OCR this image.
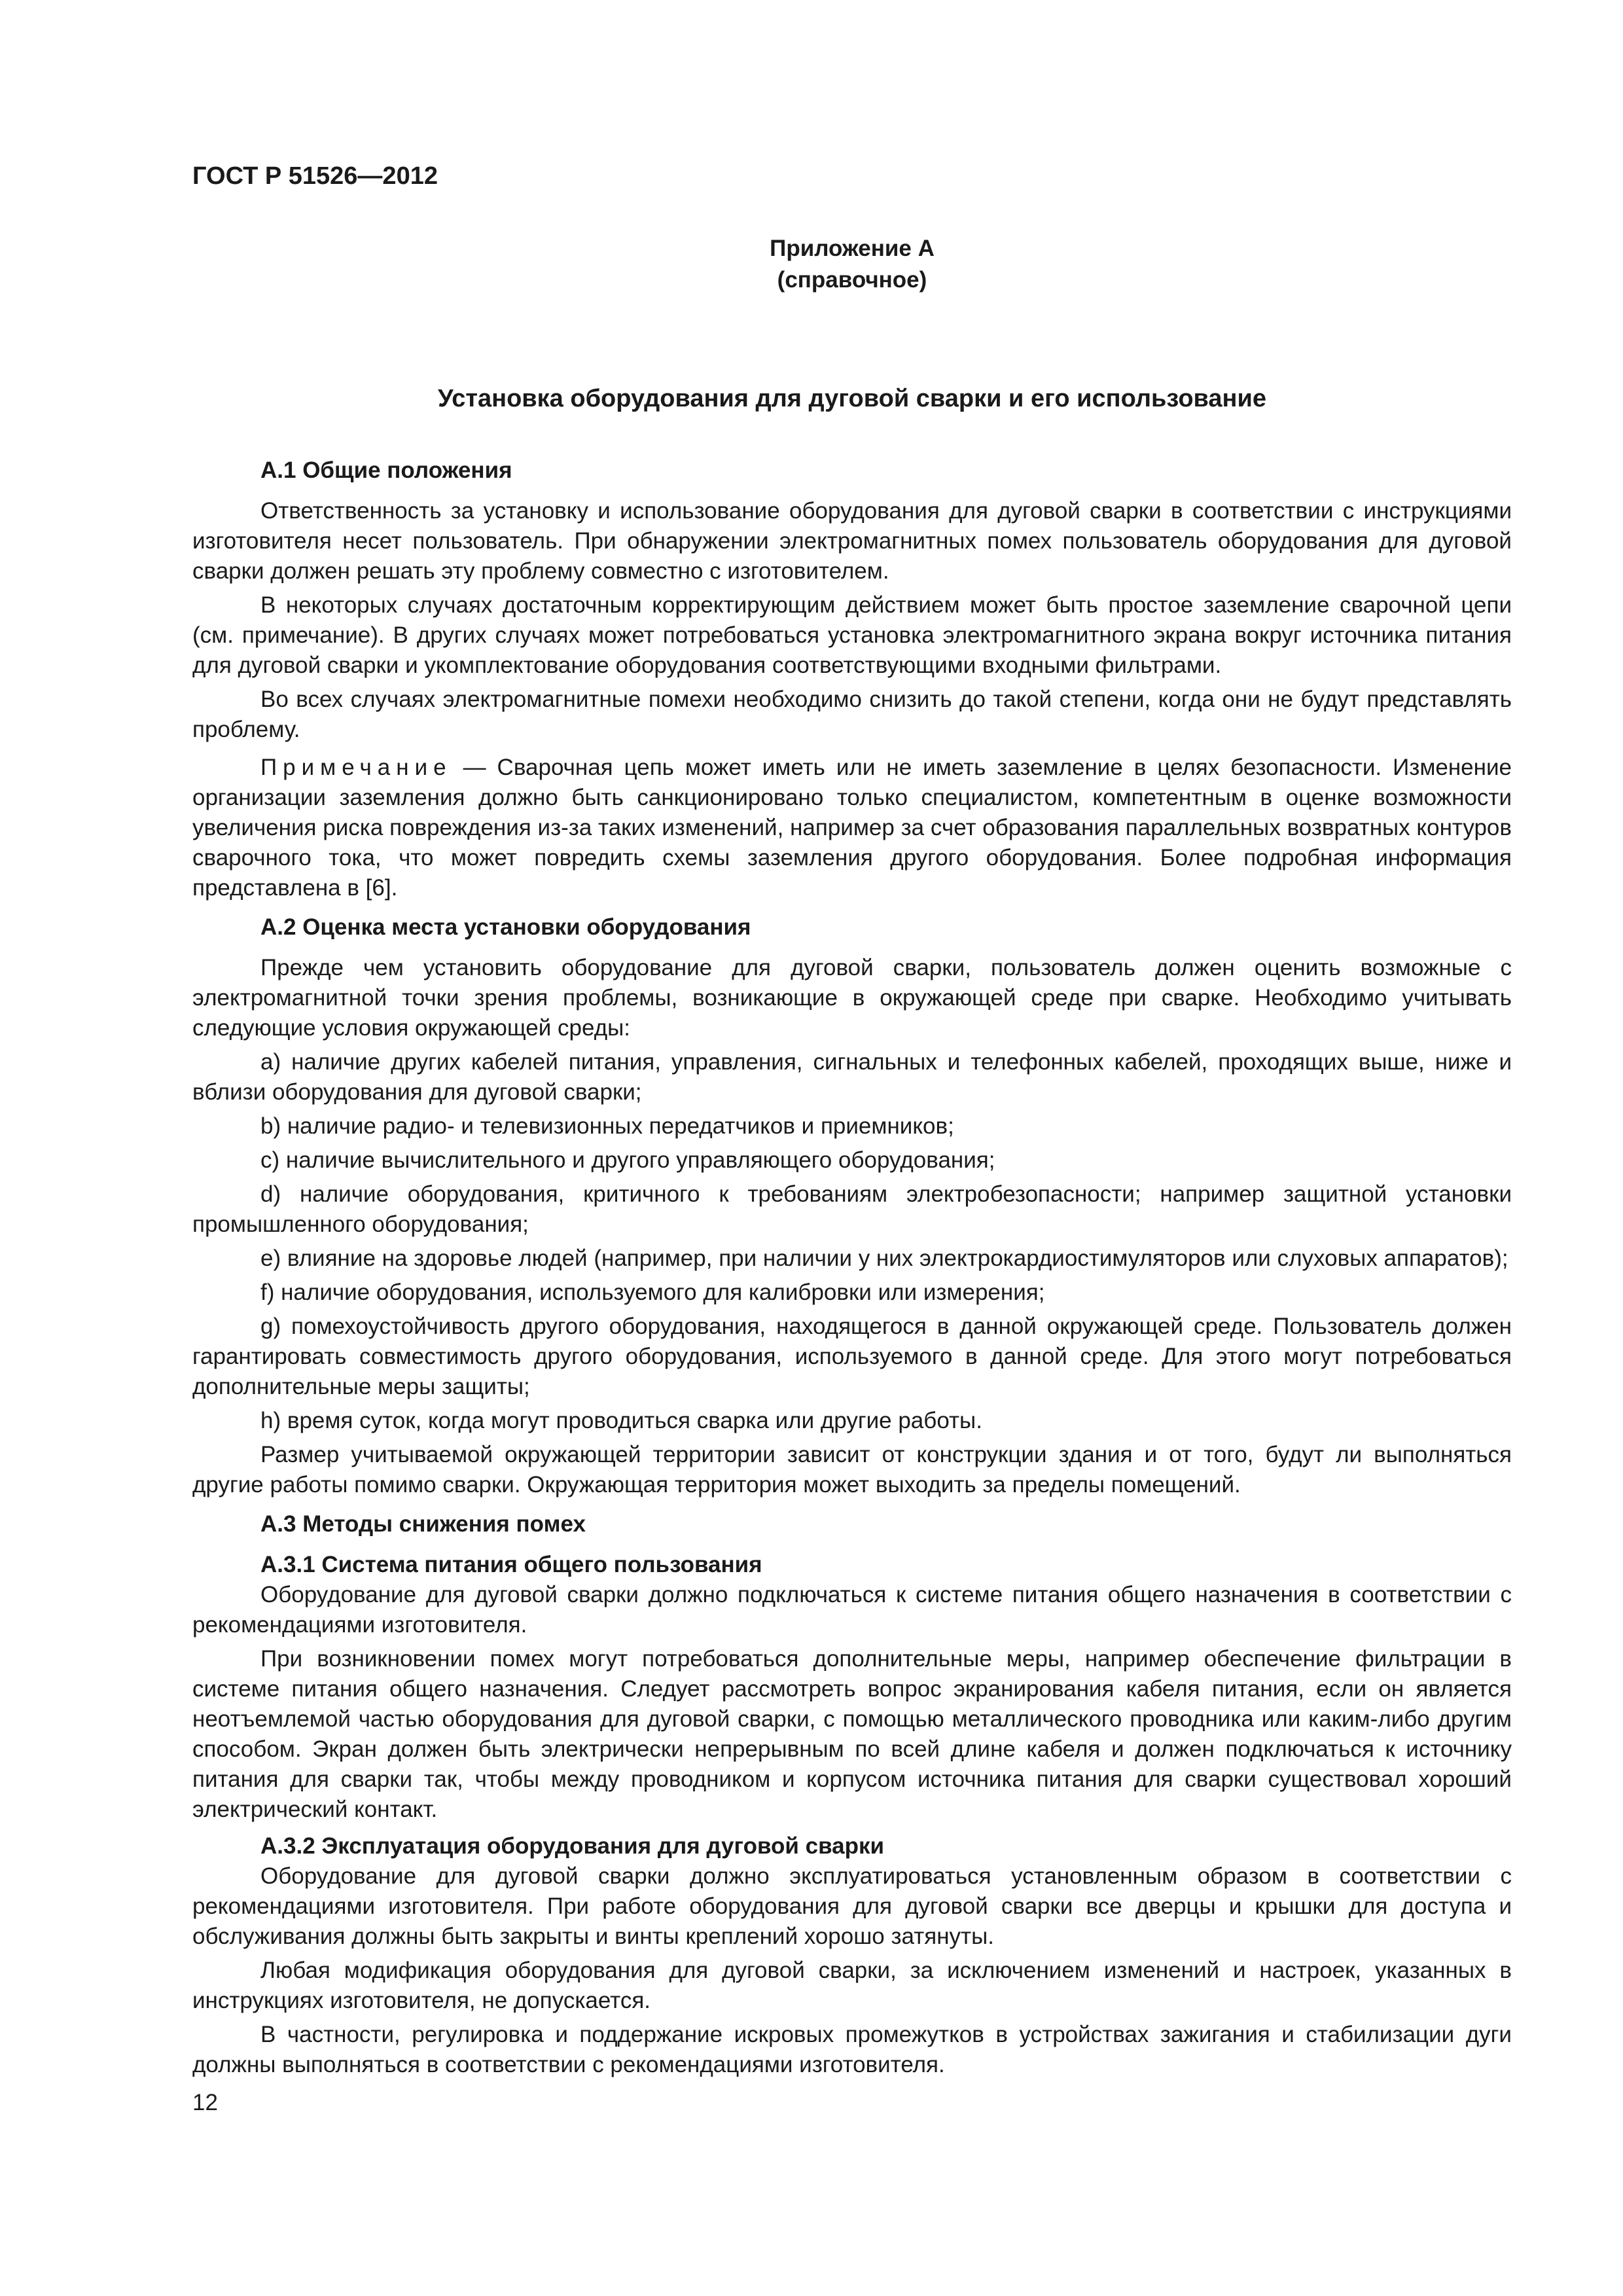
ГОСТ Р 51526—2012
Приложение А
(справочное)
Установка оборудования для дуговой сварки и его использование
А.1 Общие положения

Ответственность за установку и использование оборудования для дуговой сварки в соответствии с инструкциями изготовителя несет пользователь. При обнаружении электромагнитных помех пользователь оборудования для дуговой сварки должен решать эту проблему совместно с изготовителем.

В некоторых случаях достаточным корректирующим действием может быть простое заземление сварочной цепи (см. примечание). В других случаях может потребоваться установка электромагнитного экрана вокруг источника питания для дуговой сварки и укомплектование оборудования соответствующими входными фильтрами.

Во всех случаях электромагнитные помехи необходимо снизить до такой степени, когда они не будут представлять проблему.

Примечание — Сварочная цепь может иметь или не иметь заземление в целях безопасности. Изменение организации заземления должно быть санкционировано только специалистом, компетентным в оценке возможности увеличения риска повреждения из-за таких изменений, например за счет образования параллельных возвратных контуров сварочного тока, что может повредить схемы заземления другого оборудования. Более подробная информация представлена в [6].

А.2 Оценка места установки оборудования

Прежде чем установить оборудование для дуговой сварки, пользователь должен оценить возможные с электромагнитной точки зрения проблемы, возникающие в окружающей среде при сварке. Необходимо учитывать следующие условия окружающей среды:

а) наличие других кабелей питания, управления, сигнальных и телефонных кабелей, проходящих выше, ниже и вблизи оборудования для дуговой сварки;

b) наличие радио- и телевизионных передатчиков и приемников;

c) наличие вычислительного и другого управляющего оборудования;

d) наличие оборудования, критичного к требованиям электробезопасности; например защитной установки промышленного оборудования;

e) влияние на здоровье людей (например, при наличии у них электрокардиостимуляторов или слуховых аппаратов);

f) наличие оборудования, используемого для калибровки или измерения;

g) помехоустойчивость другого оборудования, находящегося в данной окружающей среде. Пользователь должен гарантировать совместимость другого оборудования, используемого в данной среде. Для этого могут потребоваться дополнительные меры защиты;

h) время суток, когда могут проводиться сварка или другие работы.

Размер учитываемой окружающей территории зависит от конструкции здания и от того, будут ли выполняться другие работы помимо сварки. Окружающая территория может выходить за пределы помещений.

А.3 Методы снижения помех
А.3.1 Система питания общего пользования

Оборудование для дуговой сварки должно подключаться к системе питания общего назначения в соответствии с рекомендациями изготовителя.

При возникновении помех могут потребоваться дополнительные меры, например обеспечение фильтрации в системе питания общего назначения. Следует рассмотреть вопрос экранирования кабеля питания, если он является неотъемлемой частью оборудования для дуговой сварки, с помощью металлического проводника или каким-либо другим способом. Экран должен быть электрически непрерывным по всей длине кабеля и должен подключаться к источнику питания для сварки так, чтобы между проводником и корпусом источника питания для сварки существовал хороший электрический контакт.

А.3.2 Эксплуатация оборудования для дуговой сварки

Оборудование для дуговой сварки должно эксплуатироваться установленным образом в соответствии с рекомендациями изготовителя. При работе оборудования для дуговой сварки все дверцы и крышки для доступа и обслуживания должны быть закрыты и винты креплений хорошо затянуты.

Любая модификация оборудования для дуговой сварки, за исключением изменений и настроек, указанных в инструкциях изготовителя, не допускается.

В частности, регулировка и поддержание искровых промежутков в устройствах зажигания и стабилизации дуги должны выполняться в соответствии с рекомендациями изготовителя.

12
